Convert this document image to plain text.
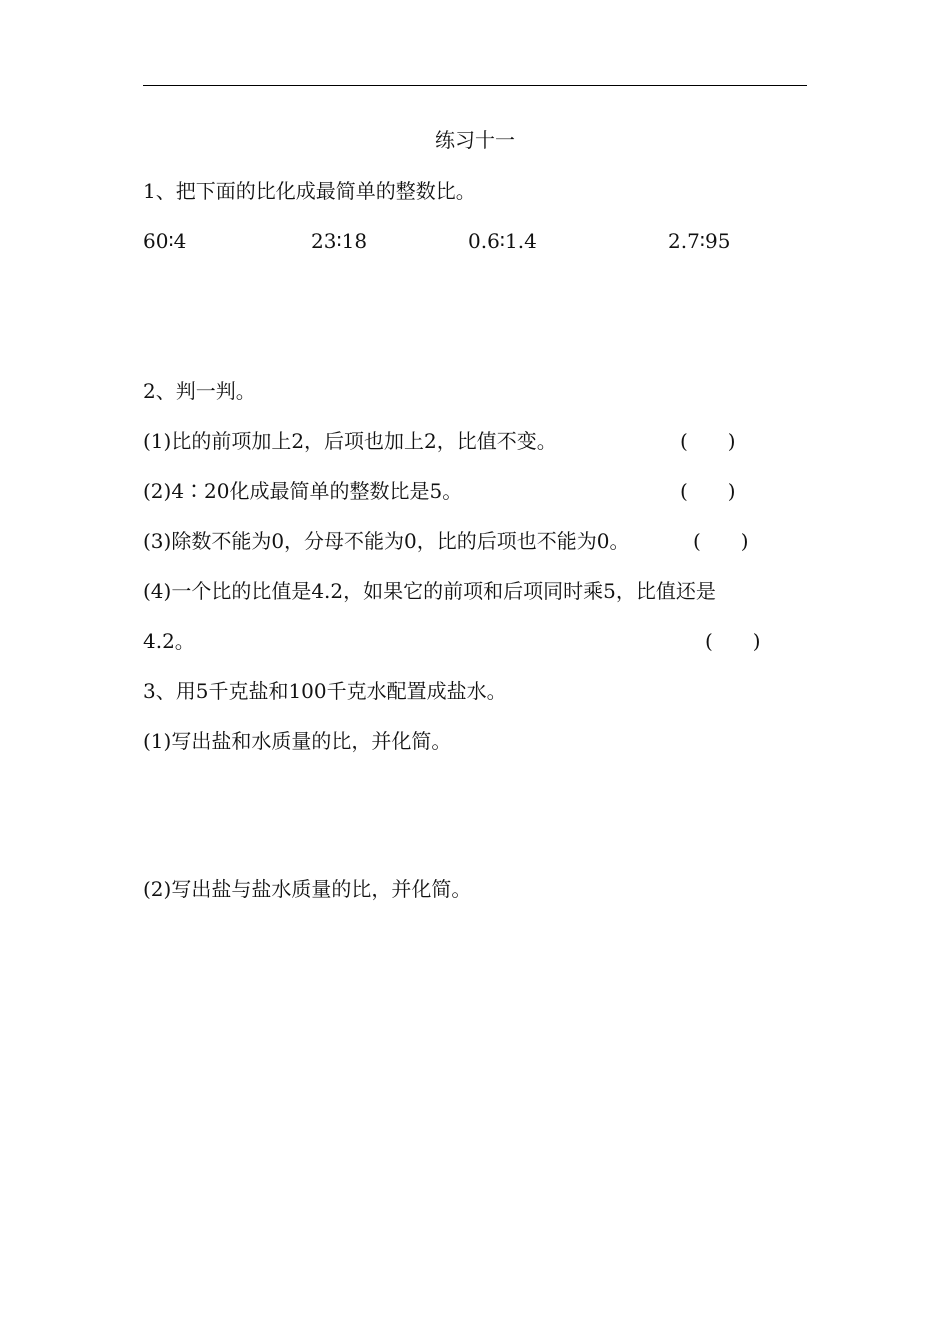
练习十一
1、把下面的比化成最简单的整数比。
60∶4	23∶18	0.6∶1.4	2.7∶95
2、判一判。
(1)比的前项加上2，后项也加上2，比值不变。	(　　)
(2)4∶20化成最简单的整数比是5。	(　　)
(3)除数不能为0，分母不能为0，比的后项也不能为0。	(　　)
(4)一个比的比值是4.2，如果它的前项和后项同时乘5，比值还是
4.2。	(　　)
3、用5千克盐和100千克水配置成盐水。
(1)写出盐和水质量的比，并化简。
(2)写出盐与盐水质量的比，并化简。
